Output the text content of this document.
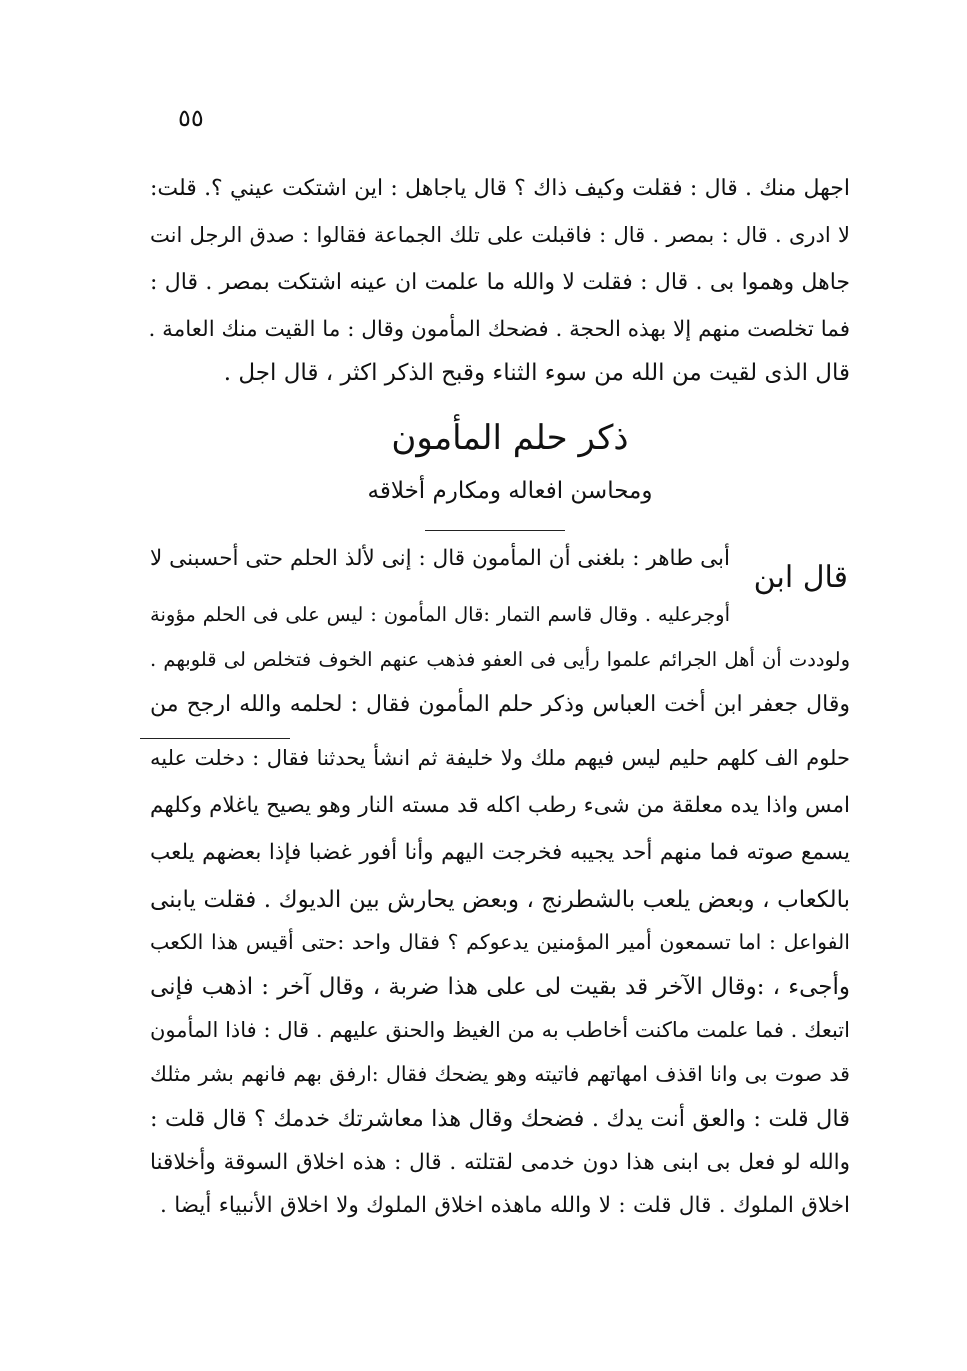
٥٥
اجهل منك . قال : فقلت وكيف ذاك ؟ قال ياجاهل : اين اشتكت عيني ؟. قلت:
لا ادرى . قال : بمصر . قال : فاقبلت على تلك الجماعة فقالوا : صدق الرجل انت
جاهل وهموا بى . قال : فقلت لا والله ما علمت ان عينه اشتكت بمصر . قال :
فما تخلصت منهم إلا بهذه الحجة . فضحك المأمون وقال : ما القيت منك العامة .
قال الذى لقيت من الله من سوء الثناء وقبح الذكر اكثر ، قال اجل .
ذكر حلم المأمون
ومحاسن افعاله ومكارم أخلاقه
قال ابن
أبى طاهر : بلغنى أن المأمون قال : إنى لألذ الحلم حتى أحسبنى لا
أوجرعليه . وقال قاسم التمار :قال المأمون : ليس على فى الحلم مؤونة
ولوددت أن أهل الجرائم علموا رأيى فى العفو فذهب عنهم الخوف فتخلص لى قلوبهم .
وقال جعفر ابن أخت العباس وذكر حلم المأمون فقال : لحلمه والله ارجح من
حلوم الف كلهم حليم ليس فيهم ملك ولا خليفة ثم انشأ يحدثنا فقال : دخلت عليه
امس واذا يده معلقة من شىء رطب اكله قد مسته النار وهو يصيح ياغلام وكلهم
يسمع صوته فما منهم أحد يجيبه فخرجت اليهم وأنا أفور غضبا فإذا بعضهم يلعب
بالكعاب ، وبعض يلعب بالشطرنج ، وبعض يحارش بين الديوك . فقلت يابنى
الفواعل : اما تسمعون أمير المؤمنين يدعوكم ؟ فقال واحد :حتى أقيس هذا الكعب
وأجىء ، :وقال الآخر قد بقيت لى على هذا ضربة ، وقال آخر : اذهب فإنى
اتبعك . فما علمت ماكنت أخاطب به من الغيظ والحنق عليهم . قال : فاذا المأمون
قد صوت بى وانا اقذف امهاتهم فاتيته وهو يضحك فقال :ارفق بهم فانهم بشر مثلك
قال قلت : والعق أنت يدك . فضحك وقال هذا معاشرتك خدمك ؟ قال قلت :
والله لو فعل بى ابنى هذا دون خدمى لقتلته . قال : هذه اخلاق السوقة وأخلاقنا
اخلاق الملوك . قال قلت : لا والله ماهذه اخلاق الملوك ولا اخلاق الأنبياء أيضا .
